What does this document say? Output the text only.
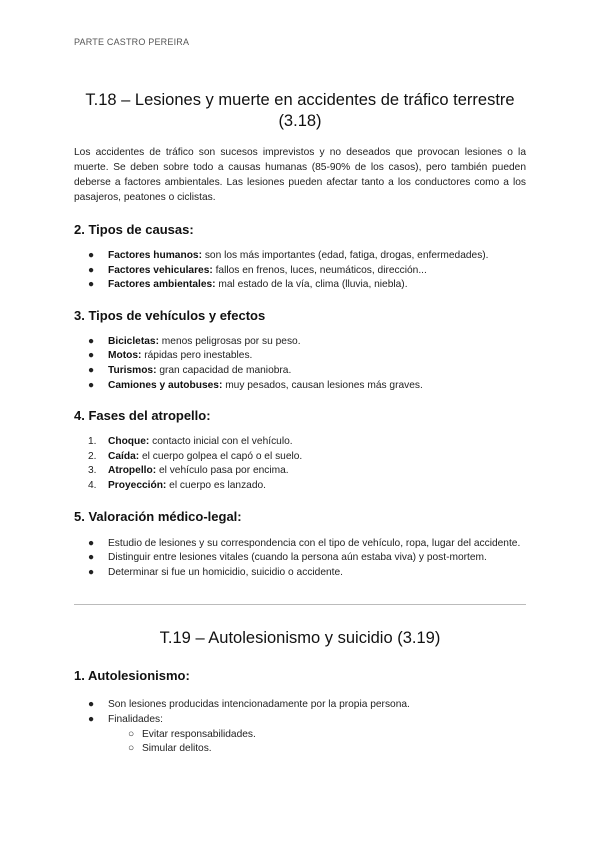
PARTE CASTRO PEREIRA
T.18 – Lesiones y muerte en accidentes de tráfico terrestre
(3.18)

Los accidentes de tráfico son sucesos imprevistos y no deseados que provocan lesiones o la muerte. Se deben sobre todo a causas humanas (85-90% de los casos), pero también pueden deberse a factores ambientales. Las lesiones pueden afectar tanto a los conductores como a los pasajeros, peatones o ciclistas.

2. Tipos de causas:
●	Factores humanos: son los más importantes (edad, fatiga, drogas, enfermedades).
●	Factores vehiculares: fallos en frenos, luces, neumáticos, dirección...
●	Factores ambientales: mal estado de la vía, clima (lluvia, niebla).
3. Tipos de vehículos y efectos
●	Bicicletas: menos peligrosas por su peso.
●	Motos: rápidas pero inestables.
●	Turismos: gran capacidad de maniobra.
●	Camiones y autobuses: muy pesados, causan lesiones más graves.
4. Fases del atropello:
1.	Choque: contacto inicial con el vehículo.
2.	Caída: el cuerpo golpea el capó o el suelo.
3.	Atropello: el vehículo pasa por encima.
4.	Proyección: el cuerpo es lanzado.
5. Valoración médico-legal:
●	Estudio de lesiones y su correspondencia con el tipo de vehículo, ropa, lugar del accidente.
●	Distinguir entre lesiones vitales (cuando la persona aún estaba viva) y post-mortem.
●	Determinar si fue un homicidio, suicidio o accidente.
T.19 – Autolesionismo y suicidio (3.19)
1. Autolesionismo:
●	Son lesiones producidas intencionadamente por la propia persona.
●	Finalidades:
○ Evitar responsabilidades.
○ Simular delitos.
